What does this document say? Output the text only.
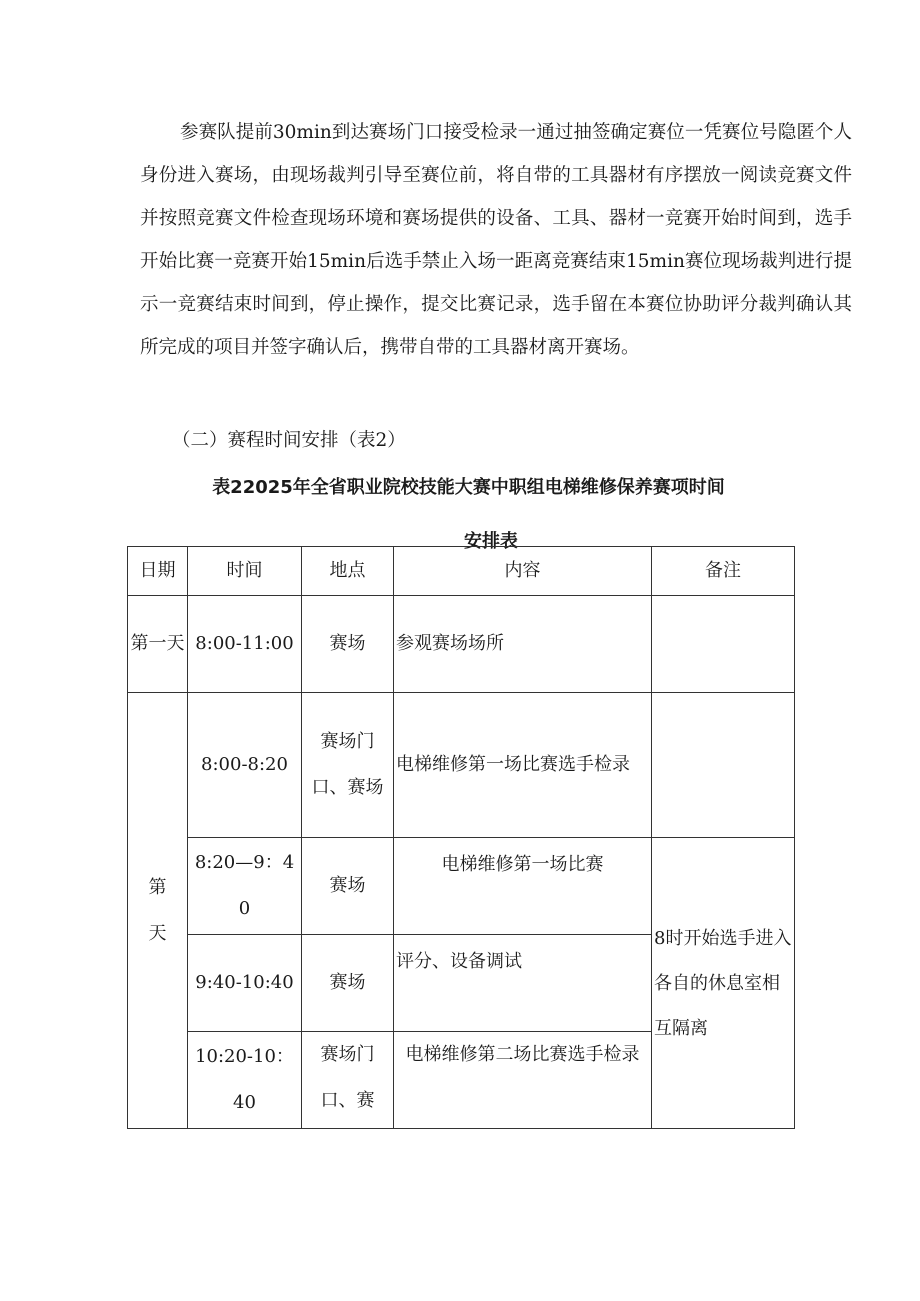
参赛队提前30min到达赛场门口接受检录一通过抽签确定赛位一凭赛位号隐匿个人身份进入赛场，由现场裁判引导至赛位前，将自带的工具器材有序摆放一阅读竞赛文件并按照竞赛文件检查现场环境和赛场提供的设备、工具、器材一竞赛开始时间到，选手开始比赛一竞赛开始15min后选手禁止入场一距离竞赛结束15min赛位现场裁判进行提示一竞赛结束时间到，停止操作，提交比赛记录，选手留在本赛位协助评分裁判确认其所完成的项目并签字确认后，携带自带的工具器材离开赛场。

（二）赛程时间安排（表2）

表22025年全省职业院校技能大赛中职组电梯维修保养赛项时间
安排表
日期	时间	地点	内容	备注
第一天	8:00-11:00	赛场	参观赛场场所	
第天	8:00-8:20	赛场门口、赛场	电梯维修第一场比赛选手检录	
	8:20—9：40	赛场	电梯维修第一场比赛	8时开始选手进入各自的休息室相互隔离
	9:40-10:40	赛场	评分、设备调试	
	10:20-10：40	赛场门口、赛	电梯维修第二场比赛选手检录	
